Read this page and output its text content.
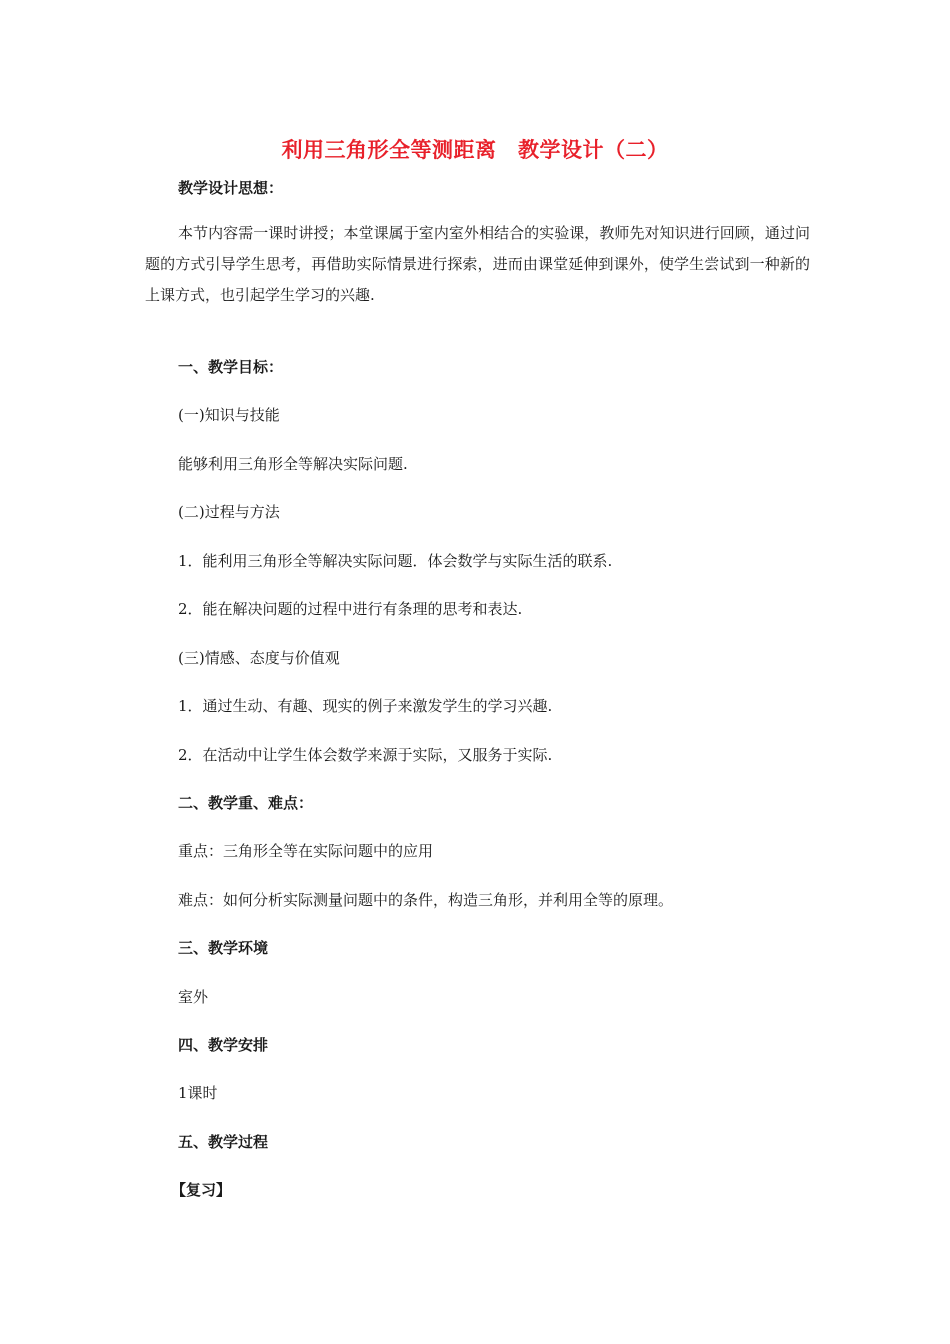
利用三角形全等测距离　教学设计（二）
教学设计思想：
本节内容需一课时讲授；本堂课属于室内室外相结合的实验课，教师先对知识进行回顾，通过问题的方式引导学生思考，再借助实际情景进行探索，进而由课堂延伸到课外，使学生尝试到一种新的上课方式，也引起学生学习的兴趣.
一、教学目标：
(一)知识与技能
能够利用三角形全等解决实际问题.
(二)过程与方法
1．能利用三角形全等解决实际问题．体会数学与实际生活的联系.
2．能在解决问题的过程中进行有条理的思考和表达.
(三)情感、态度与价值观
1．通过生动、有趣、现实的例子来激发学生的学习兴趣.
2．在活动中让学生体会数学来源于实际，又服务于实际.
二、教学重、难点：
重点：三角形全等在实际问题中的应用
难点：如何分析实际测量问题中的条件，构造三角形，并利用全等的原理。
三、教学环境
室外
四、教学安排
1课时
五、教学过程
【复习】
